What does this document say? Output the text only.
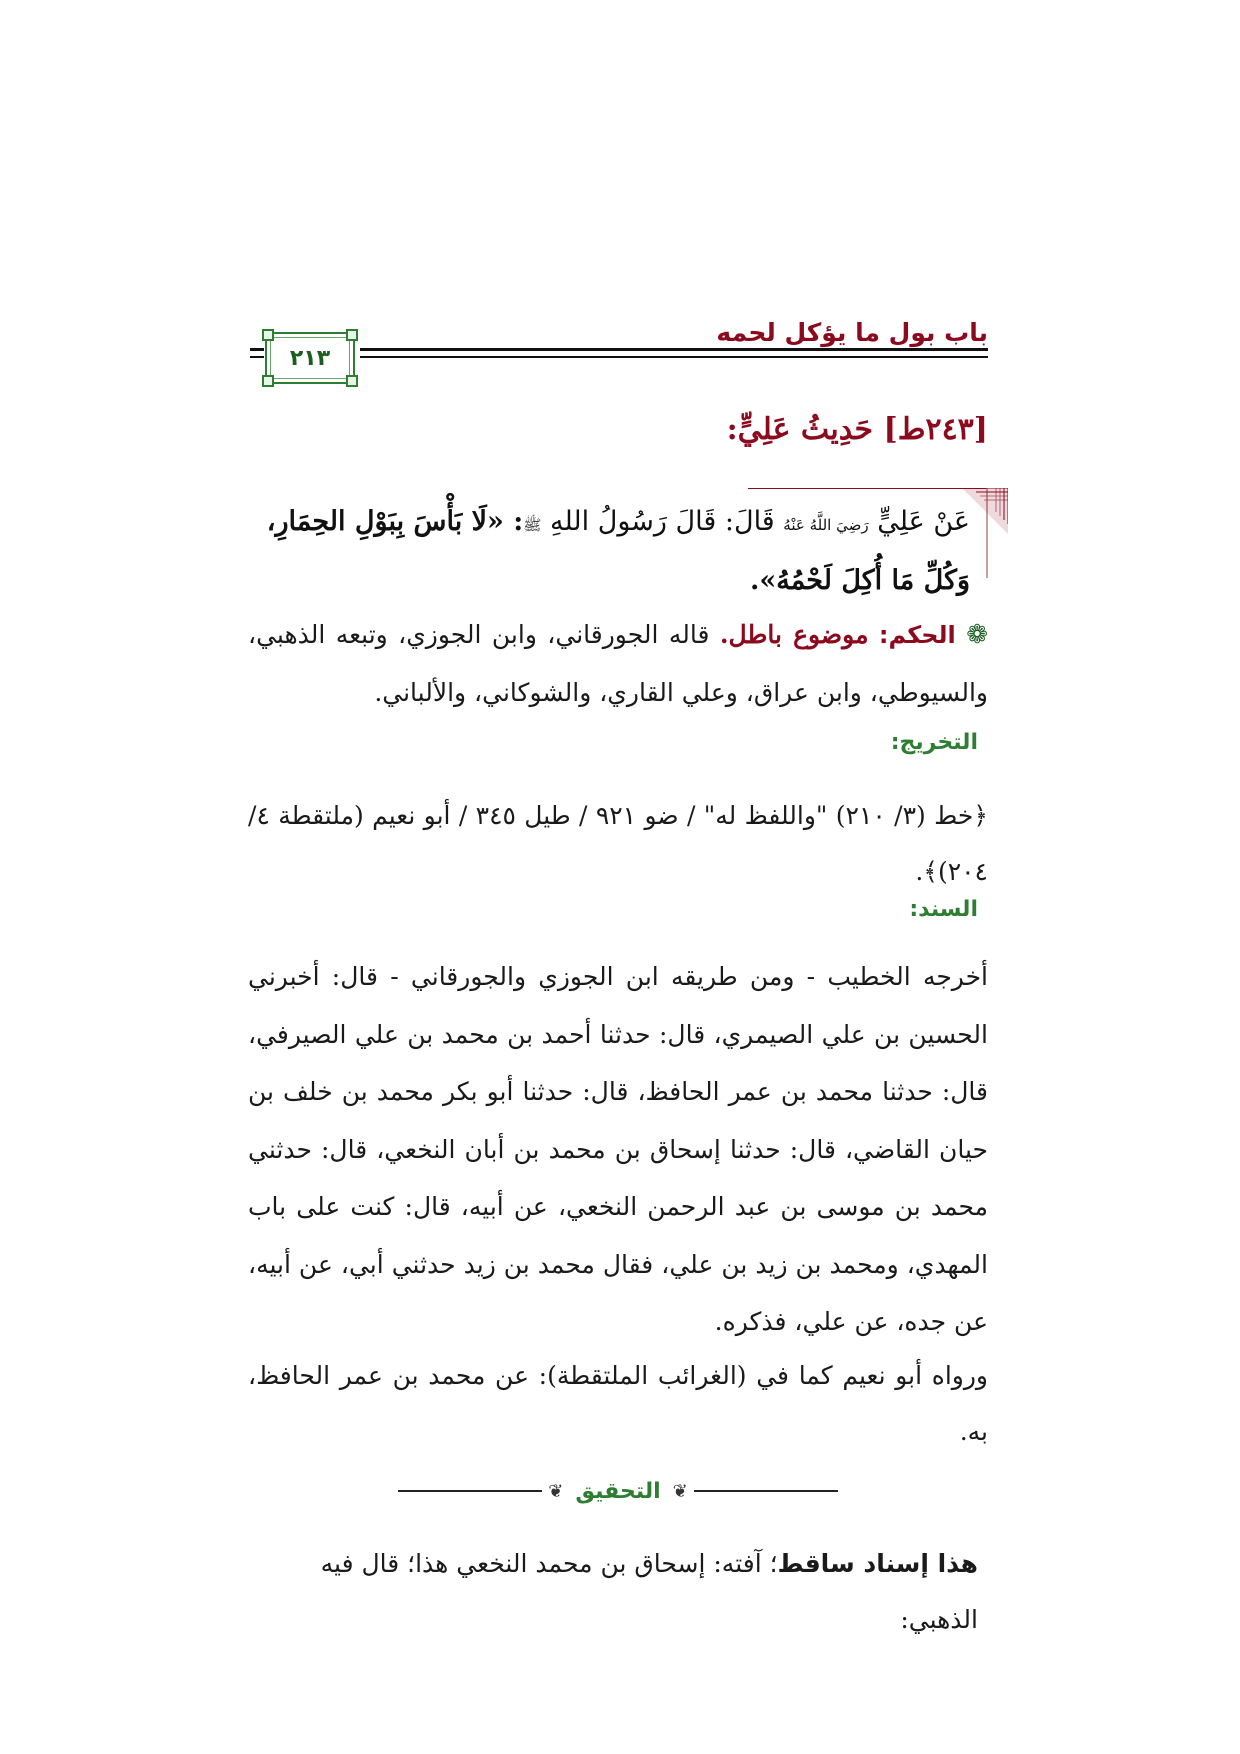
باب بول ما يؤكل لحمه
٢١٣
[٢٤٣ط] حَدِيثُ عَلِيٍّ:

عَنْ عَلِيٍّ رَضِيَ اللَّهُ عَنْهُ قَالَ: قَالَ رَسُولُ اللهِ ﷺ: «لَا بَأْسَ بِبَوْلِ الحِمَارِ، وَكُلِّ مَا أُكِلَ لَحْمُهُ».

❁ الحكم: موضوع باطل. قاله الجورقاني، وابن الجوزي، وتبعه الذهبي، والسيوطي، وابن عراق، وعلي القاري، والشوكاني، والألباني.

التخريج:

﴿خط (٣/ ٢١٠) "واللفظ له" / ضو ٩٢١ / طيل ٣٤٥ / أبو نعيم (ملتقطة ٤/ ٢٠٤)﴾.

السند:

أخرجه الخطيب - ومن طريقه ابن الجوزي والجورقاني - قال: أخبرني الحسين بن علي الصيمري، قال: حدثنا أحمد بن محمد بن علي الصيرفي، قال: حدثنا محمد بن عمر الحافظ، قال: حدثنا أبو بكر محمد بن خلف بن حيان القاضي، قال: حدثنا إسحاق بن محمد بن أبان النخعي، قال: حدثني محمد بن موسى بن عبد الرحمن النخعي، عن أبيه، قال: كنت على باب المهدي، ومحمد بن زيد بن علي، فقال محمد بن زيد حدثني أبي، عن أبيه، عن جده، عن علي، فذكره.

ورواه أبو نعيم كما في (الغرائب الملتقطة): عن محمد بن عمر الحافظ، به.

❦
التحقيق
❦

هذا إسناد ساقط؛ آفته: إسحاق بن محمد النخعي هذا؛ قال فيه الذهبي:
